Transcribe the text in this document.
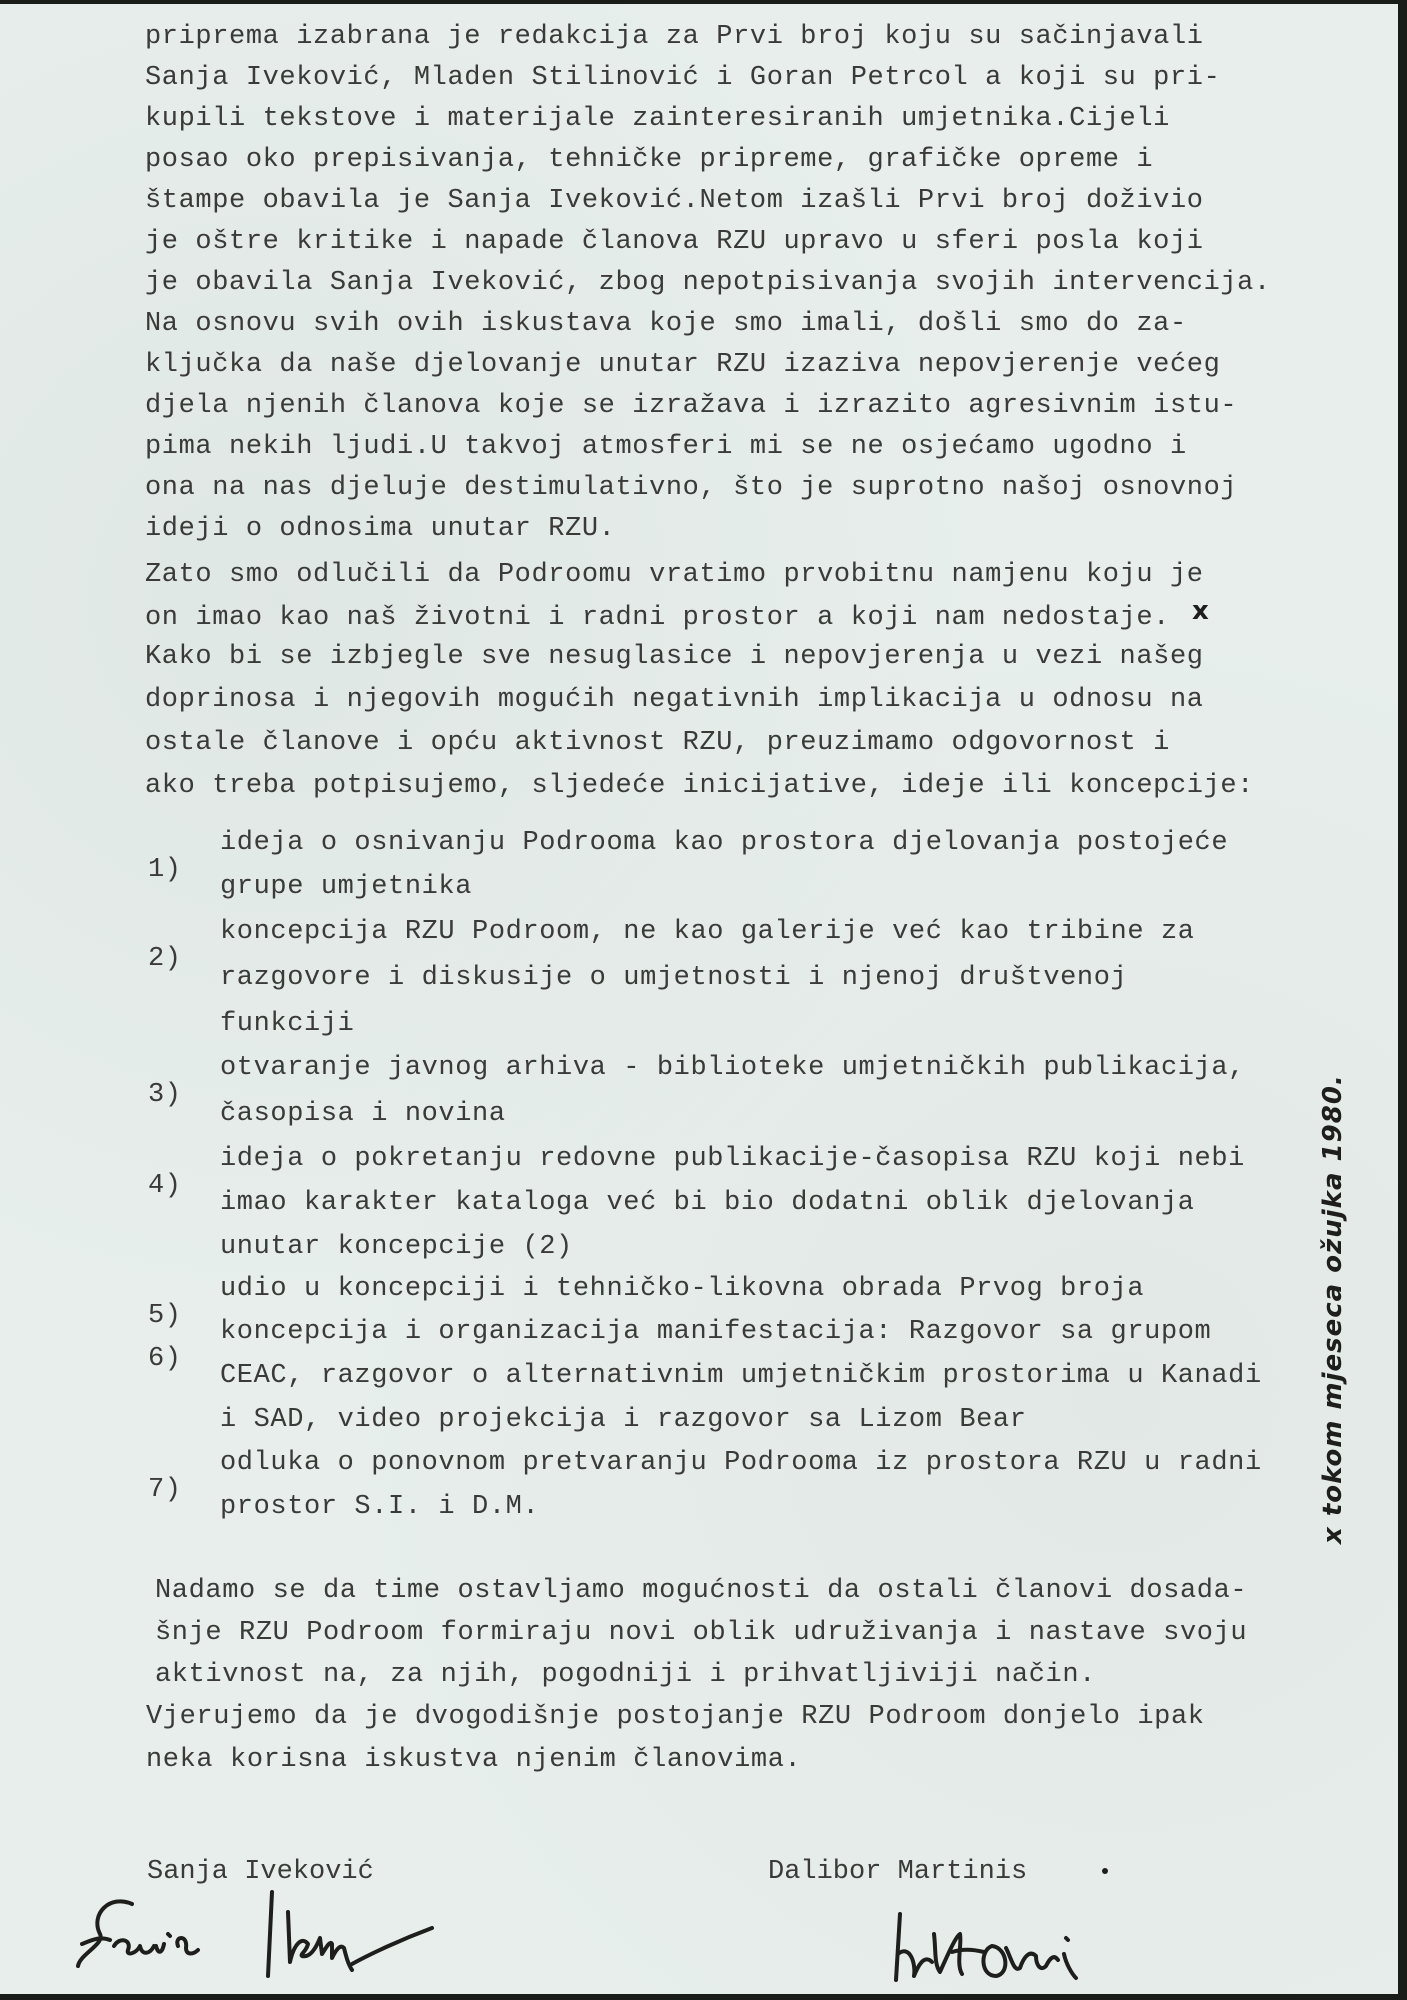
priprema izabrana je redakcija za Prvi broj koju su sačinjavali

Sanja Iveković, Mladen Stilinović i Goran Petrcol a koji su pri-

kupili tekstove i materijale zainteresiranih umjetnika.Cijeli

posao oko prepisivanja, tehničke pripreme, grafičke opreme i

štampe obavila je Sanja Iveković.Netom izašli Prvi broj doživio

je oštre kritike i napade članova RZU upravo u sferi posla koji

je obavila Sanja Iveković, zbog nepotpisivanja svojih intervencija.

Na osnovu svih ovih iskustava koje smo imali, došli smo do za-

ključka da naše djelovanje unutar RZU izaziva nepovjerenje većeg

djela njenih članova koje se izražava i izrazito agresivnim istu-

pima nekih ljudi.U takvoj atmosferi mi se ne osjećamo ugodno i

ona na nas djeluje destimulativno, što je suprotno našoj osnovnoj

ideji o odnosima unutar RZU.

Zato smo odlučili da Podroomu vratimo prvobitnu namjenu koju je

on imao kao naš životni i radni prostor a koji nam nedostaje.

Kako bi se izbjegle sve nesuglasice i nepovjerenja u vezi našeg

doprinosa i njegovih mogućih negativnih implikacija u odnosu na

ostale članove i opću aktivnost RZU, preuzimamo odgovornost i

ako treba potpisujemo, sljedeće inicijative, ideje ili koncepcije:

1)

ideja o osnivanju Podrooma kao prostora djelovanja postojeće

grupe umjetnika

2)

koncepcija RZU Podroom, ne kao galerije već kao tribine za

razgovore i diskusije o umjetnosti i njenoj društvenoj

funkciji

3)

otvaranje javnog arhiva - biblioteke umjetničkih publikacija,

časopisa i novina

4)

ideja o pokretanju redovne publikacije-časopisa RZU koji nebi

imao karakter kataloga već bi bio dodatni oblik djelovanja

unutar koncepcije (2)

5)

udio u koncepciji i tehničko-likovna obrada Prvog broja

6)

koncepcija i organizacija manifestacija: Razgovor sa grupom

CEAC, razgovor o alternativnim umjetničkim prostorima u Kanadi

i SAD, video projekcija i razgovor sa Lizom Bear

7)

odluka o ponovnom pretvaranju Podrooma iz prostora RZU u radni

prostor S.I. i D.M.

Nadamo se da time ostavljamo mogućnosti da ostali članovi dosada-

šnje RZU Podroom formiraju novi oblik udruživanja i nastave svoju

aktivnost na, za njih, pogodniji i prihvatljiviji način.

Vjerujemo da je dvogodišnje postojanje RZU Podroom donjelo ipak

neka korisna iskustva njenim članovima.

x
x tokom mjeseca ožujka 1980.
Sanja Iveković	Dalibor Martinis
